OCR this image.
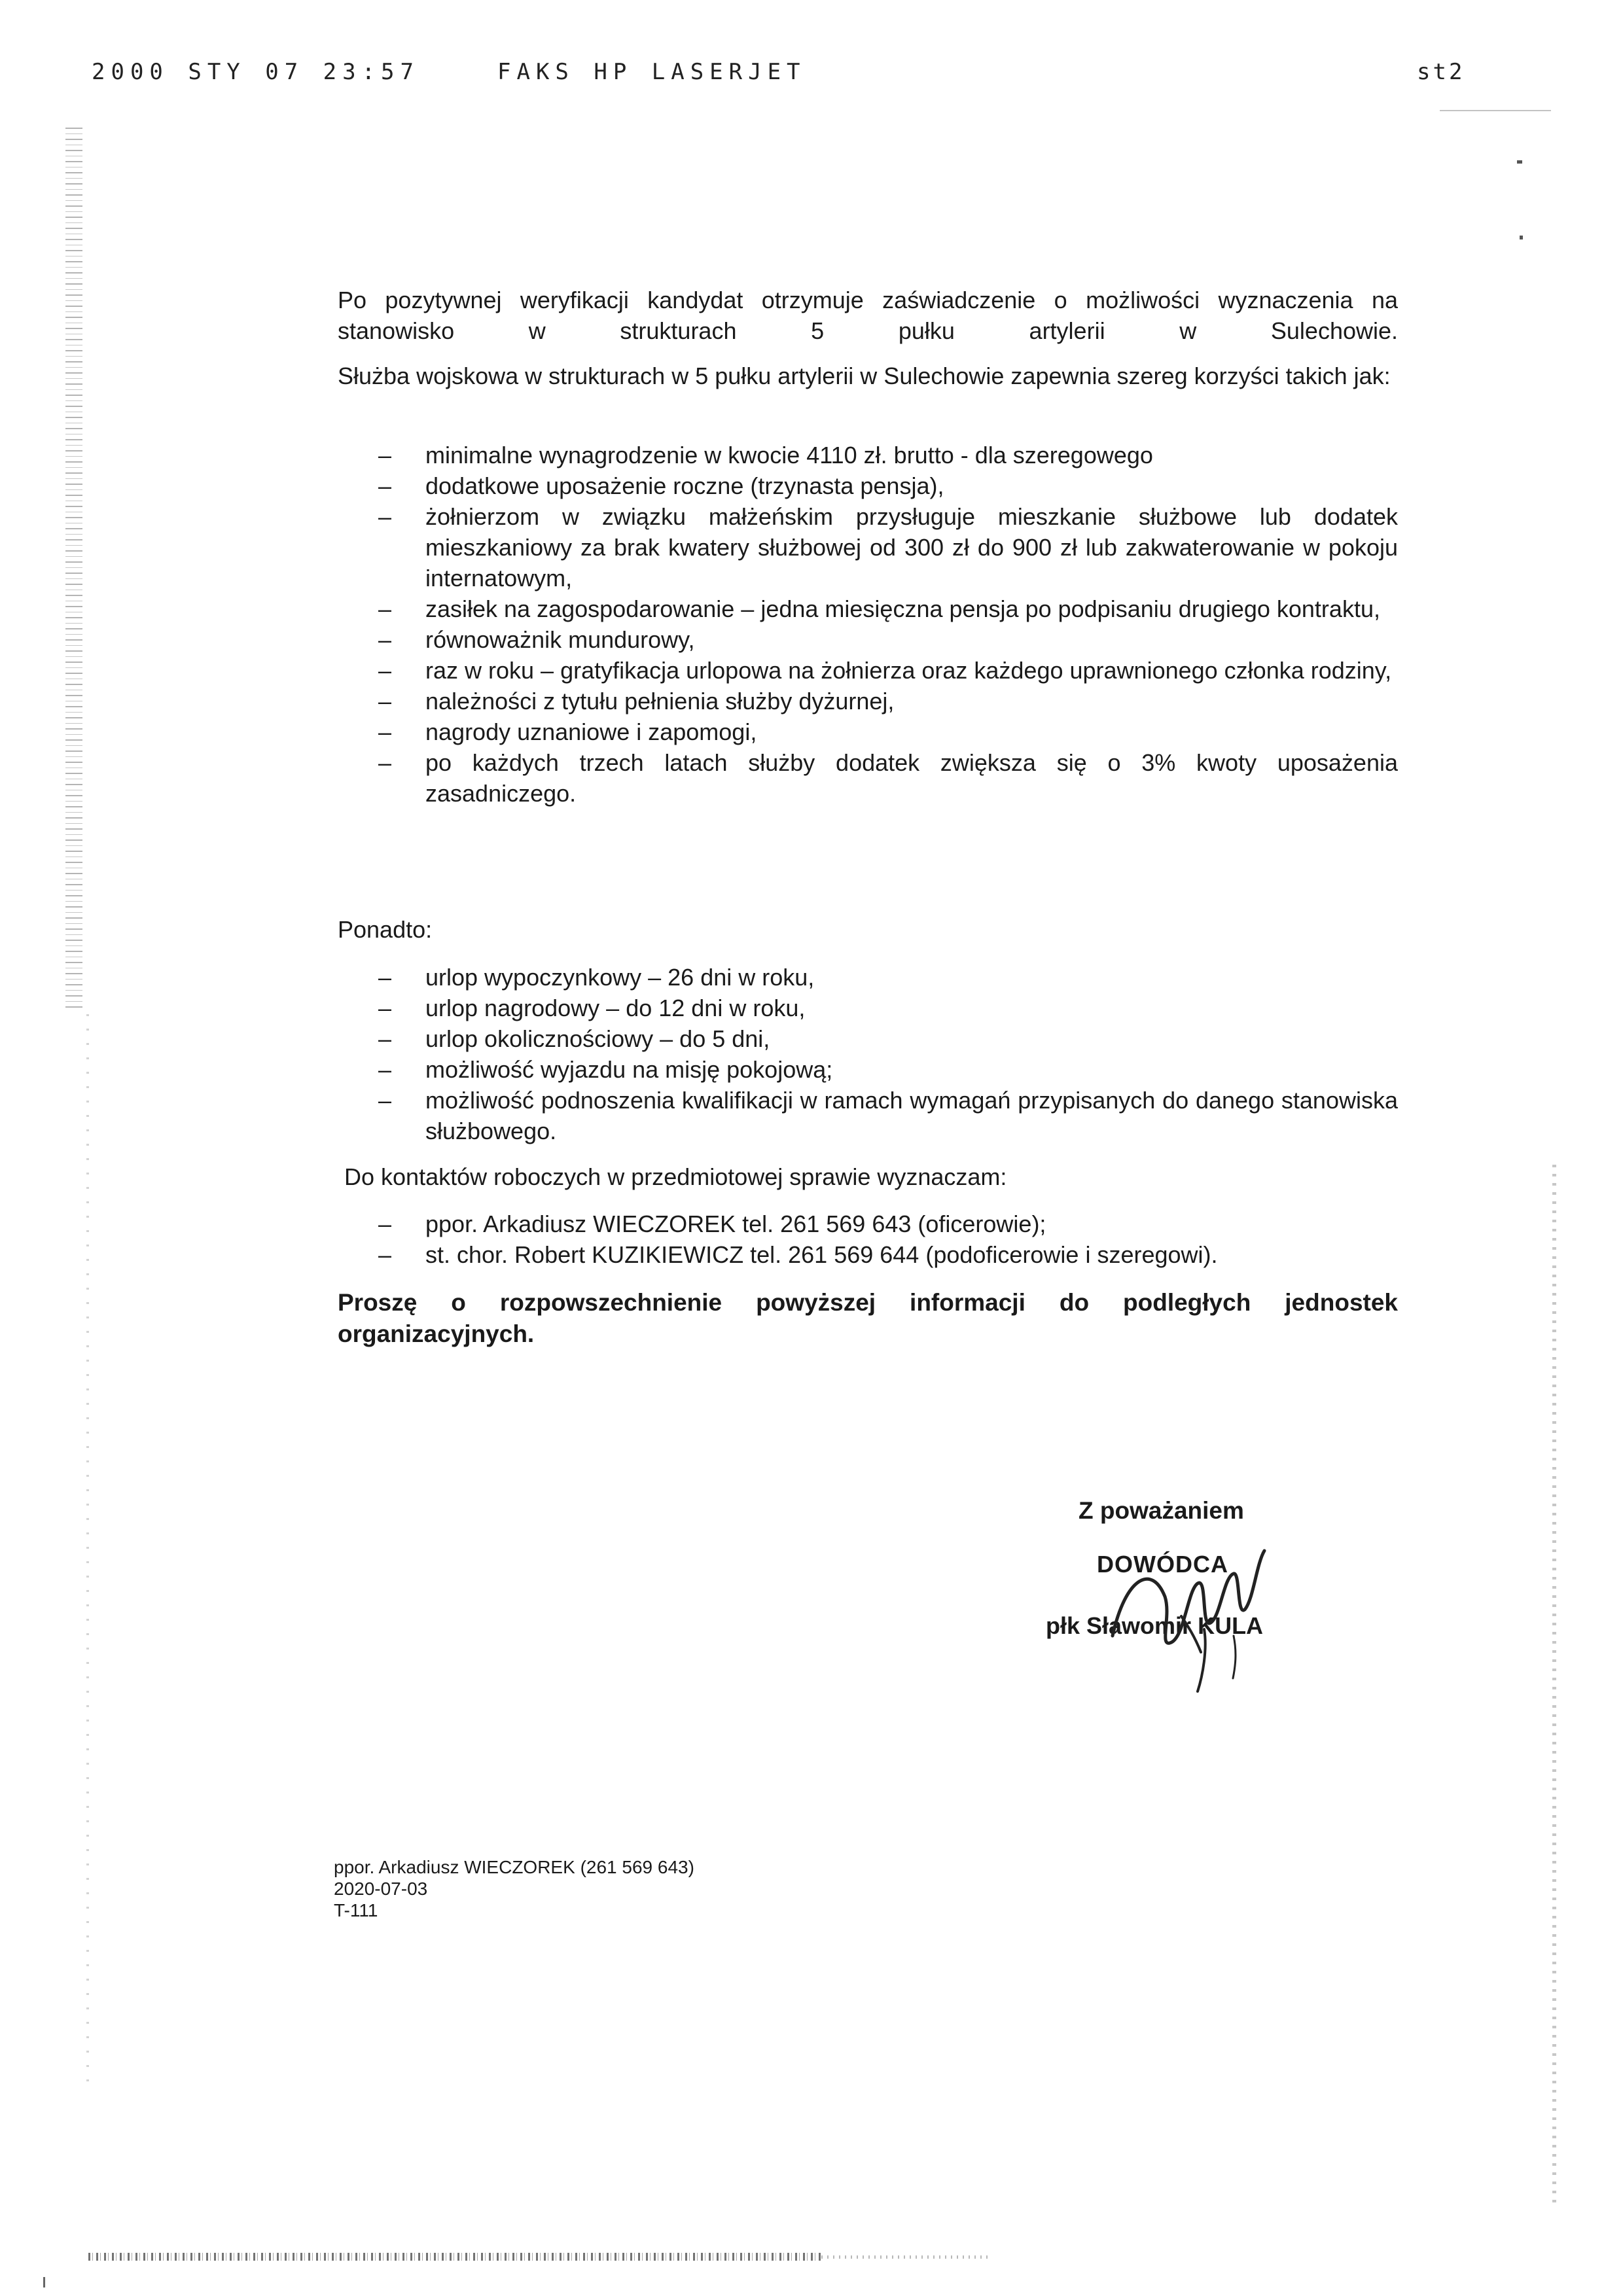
2000 STY 07 23:57	FAKS HP LASERJET	st2

Po pozytywnej weryfikacji kandydat otrzymuje zaświadczenie o możliwości wyznaczenia na stanowisko w strukturach 5 pułku artylerii w Sulechowie.

Służba wojskowa w strukturach w 5 pułku artylerii w Sulechowie zapewnia szereg korzyści takich jak:

– minimalne wynagrodzenie w kwocie 4110 zł. brutto - dla szeregowego
– dodatkowe uposażenie roczne (trzynasta pensja),
– żołnierzom w związku małżeńskim przysługuje mieszkanie służbowe lub dodatek mieszkaniowy za brak kwatery służbowej od 300 zł do 900 zł lub zakwaterowanie w pokoju internatowym,
– zasiłek na zagospodarowanie – jedna miesięczna pensja po podpisaniu drugiego kontraktu,
– równoważnik mundurowy,
– raz w roku – gratyfikacja urlopowa na żołnierza oraz każdego uprawnionego członka rodziny,
– należności z tytułu pełnienia służby dyżurnej,
– nagrody uznaniowe i zapomogi,
– po każdych trzech latach służby dodatek zwiększa się o 3% kwoty uposażenia zasadniczego.

Ponadto:

– urlop wypoczynkowy – 26 dni w roku,
– urlop nagrodowy – do 12 dni w roku,
– urlop okolicznościowy – do 5 dni,
– możliwość wyjazdu na misję pokojową;
– możliwość podnoszenia kwalifikacji w ramach wymagań przypisanych do danego stanowiska służbowego.

Do kontaktów roboczych w przedmiotowej sprawie wyznaczam:

– ppor. Arkadiusz WIECZOREK tel. 261 569 643 (oficerowie);
– st. chor. Robert KUZIKIEWICZ tel. 261 569 644 (podoficerowie i szeregowi).

Proszę o rozpowszechnienie powyższej informacji do podległych jednostek organizacyjnych.

Z poważaniem
DOWÓDCA
płk Sławomir KULA
ppor. Arkadiusz WIECZOREK (261 569 643)
2020-07-03
T-111
